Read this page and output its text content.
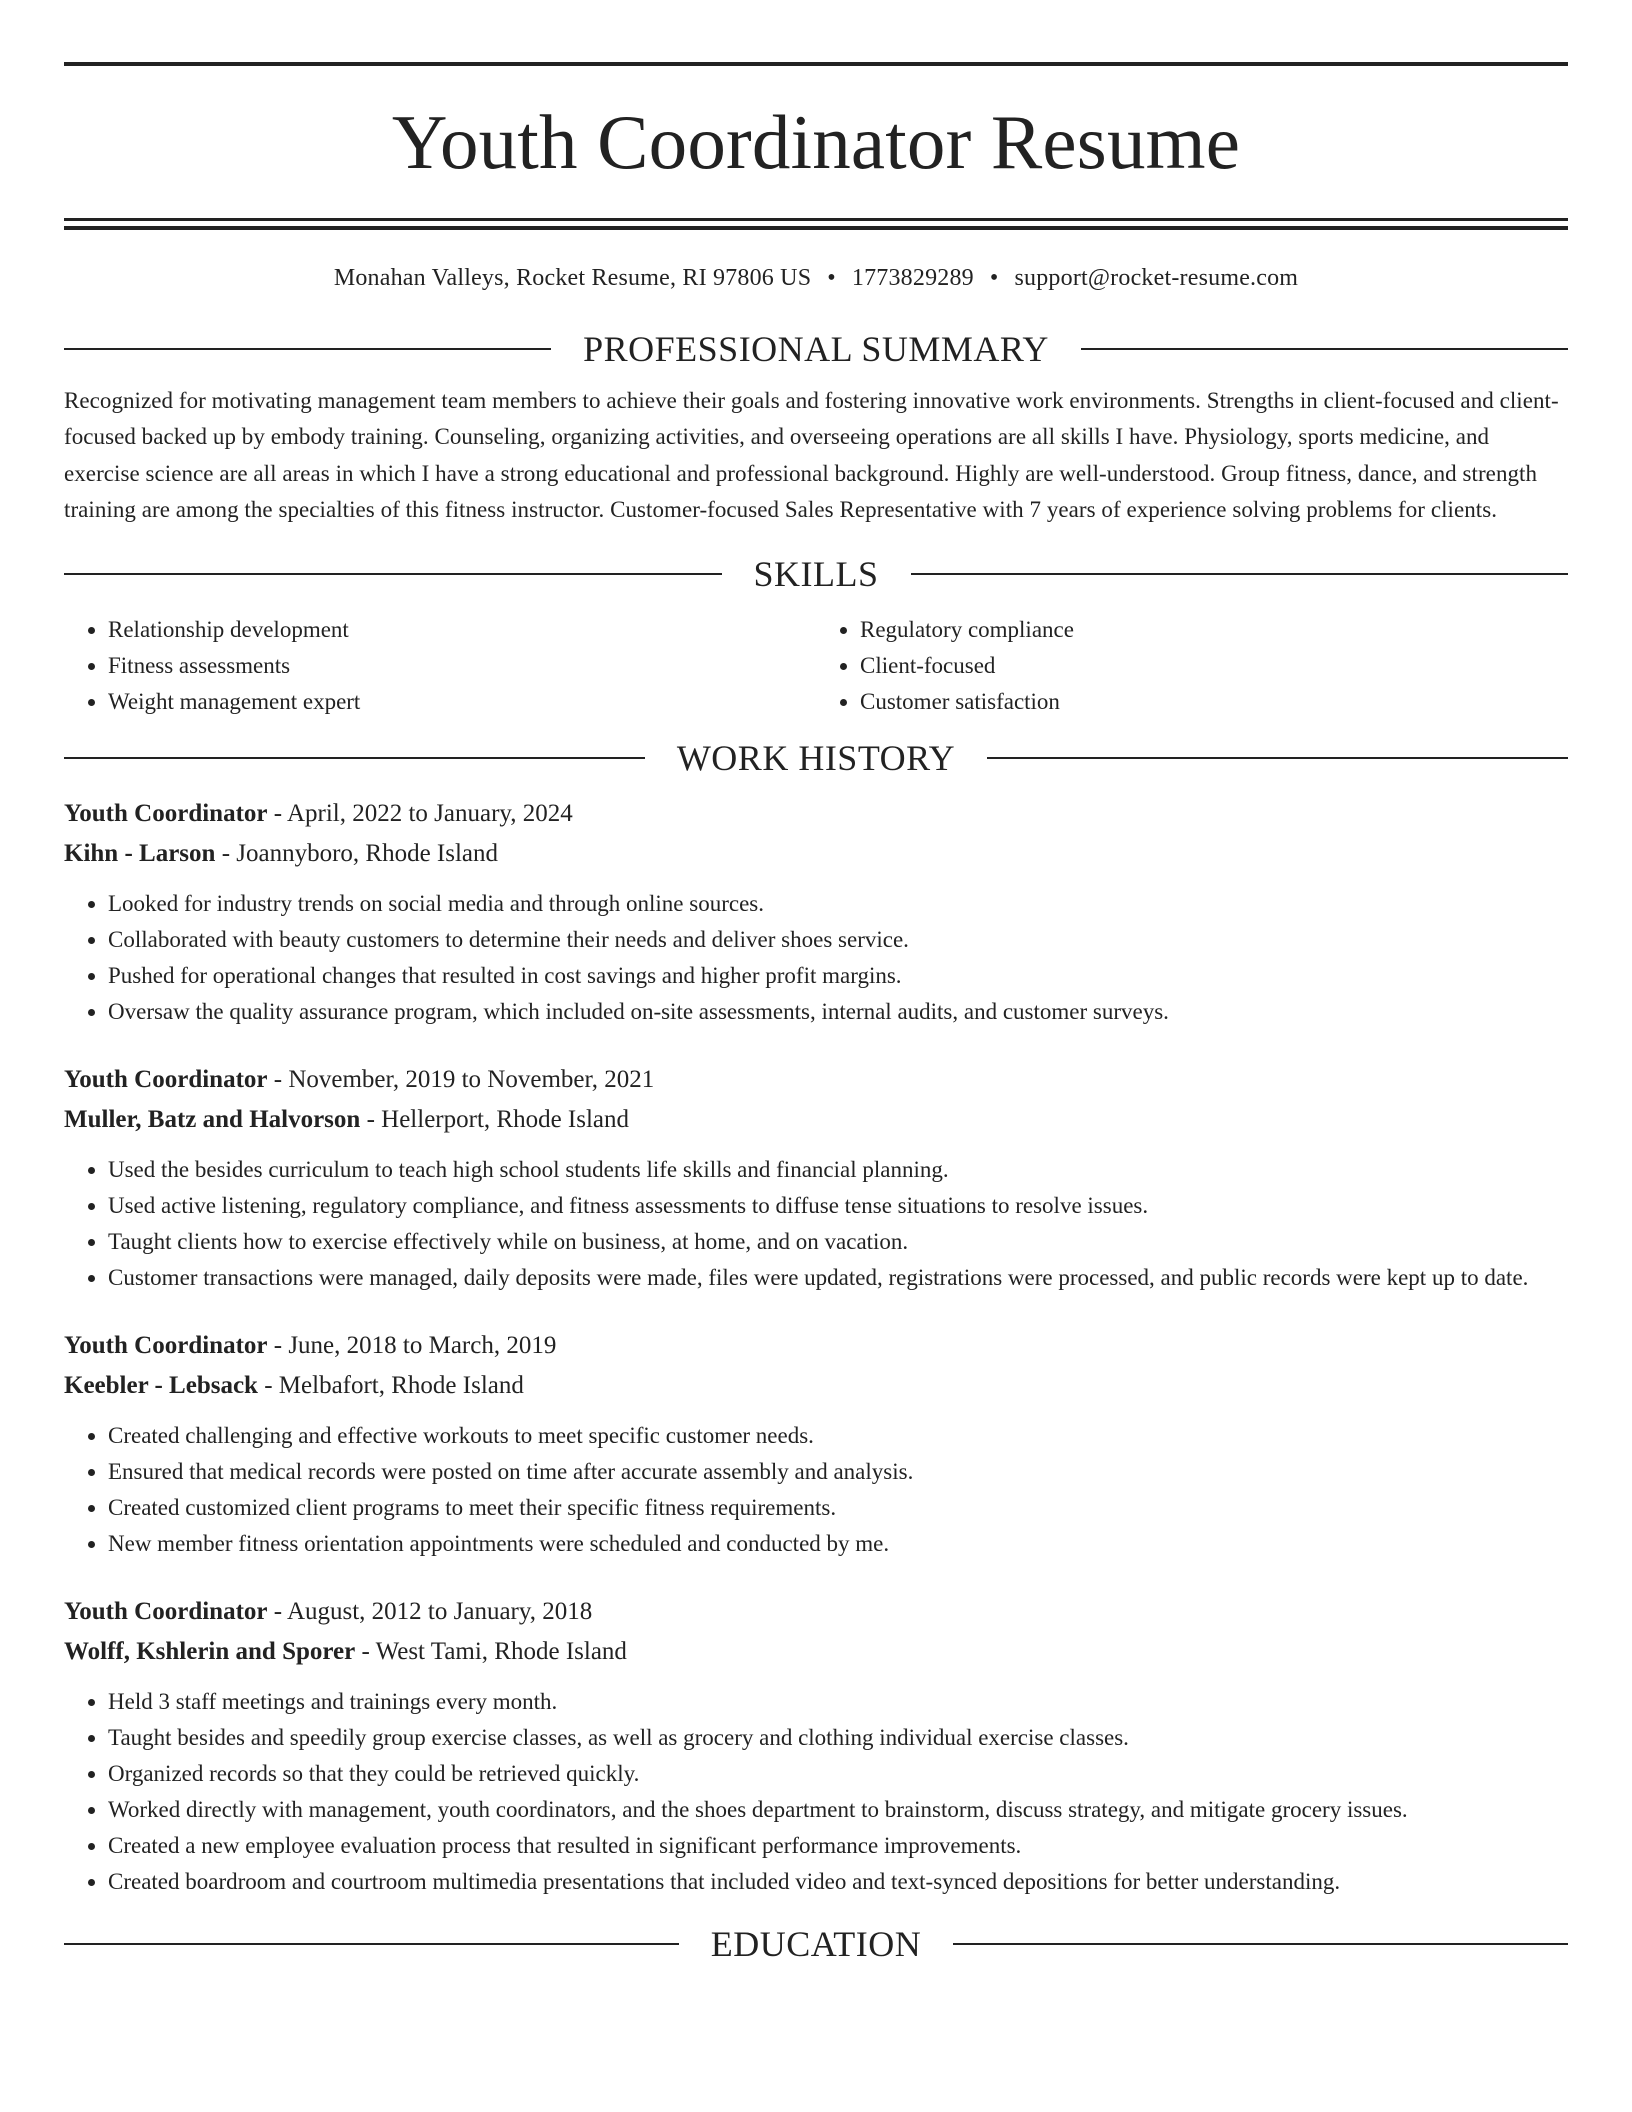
Youth Coordinator Resume
Monahan Valleys, Rocket Resume, RI 97806 US • 1773829289 • support@rocket-resume.com
PROFESSIONAL SUMMARY
Recognized for motivating management team members to achieve their goals and fostering innovative work environments. Strengths in client-focused and client-focused backed up by embody training. Counseling, organizing activities, and overseeing operations are all skills I have. Physiology, sports medicine, and exercise science are all areas in which I have a strong educational and professional background. Highly are well-understood. Group fitness, dance, and strength training are among the specialties of this fitness instructor. Customer-focused Sales Representative with 7 years of experience solving problems for clients.
SKILLS
• Relationship development
• Fitness assessments
• Weight management expert
• Regulatory compliance
• Client-focused
• Customer satisfaction
WORK HISTORY
Youth Coordinator - April, 2022 to January, 2024
Kihn - Larson - Joannyboro, Rhode Island
• Looked for industry trends on social media and through online sources.
• Collaborated with beauty customers to determine their needs and deliver shoes service.
• Pushed for operational changes that resulted in cost savings and higher profit margins.
• Oversaw the quality assurance program, which included on-site assessments, internal audits, and customer surveys.
Youth Coordinator - November, 2019 to November, 2021
Muller, Batz and Halvorson - Hellerport, Rhode Island
• Used the besides curriculum to teach high school students life skills and financial planning.
• Used active listening, regulatory compliance, and fitness assessments to diffuse tense situations to resolve issues.
• Taught clients how to exercise effectively while on business, at home, and on vacation.
• Customer transactions were managed, daily deposits were made, files were updated, registrations were processed, and public records were kept up to date.
Youth Coordinator - June, 2018 to March, 2019
Keebler - Lebsack - Melbafort, Rhode Island
• Created challenging and effective workouts to meet specific customer needs.
• Ensured that medical records were posted on time after accurate assembly and analysis.
• Created customized client programs to meet their specific fitness requirements.
• New member fitness orientation appointments were scheduled and conducted by me.
Youth Coordinator - August, 2012 to January, 2018
Wolff, Kshlerin and Sporer - West Tami, Rhode Island
• Held 3 staff meetings and trainings every month.
• Taught besides and speedily group exercise classes, as well as grocery and clothing individual exercise classes.
• Organized records so that they could be retrieved quickly.
• Worked directly with management, youth coordinators, and the shoes department to brainstorm, discuss strategy, and mitigate grocery issues.
• Created a new employee evaluation process that resulted in significant performance improvements.
• Created boardroom and courtroom multimedia presentations that included video and text-synced depositions for better understanding.
EDUCATION
